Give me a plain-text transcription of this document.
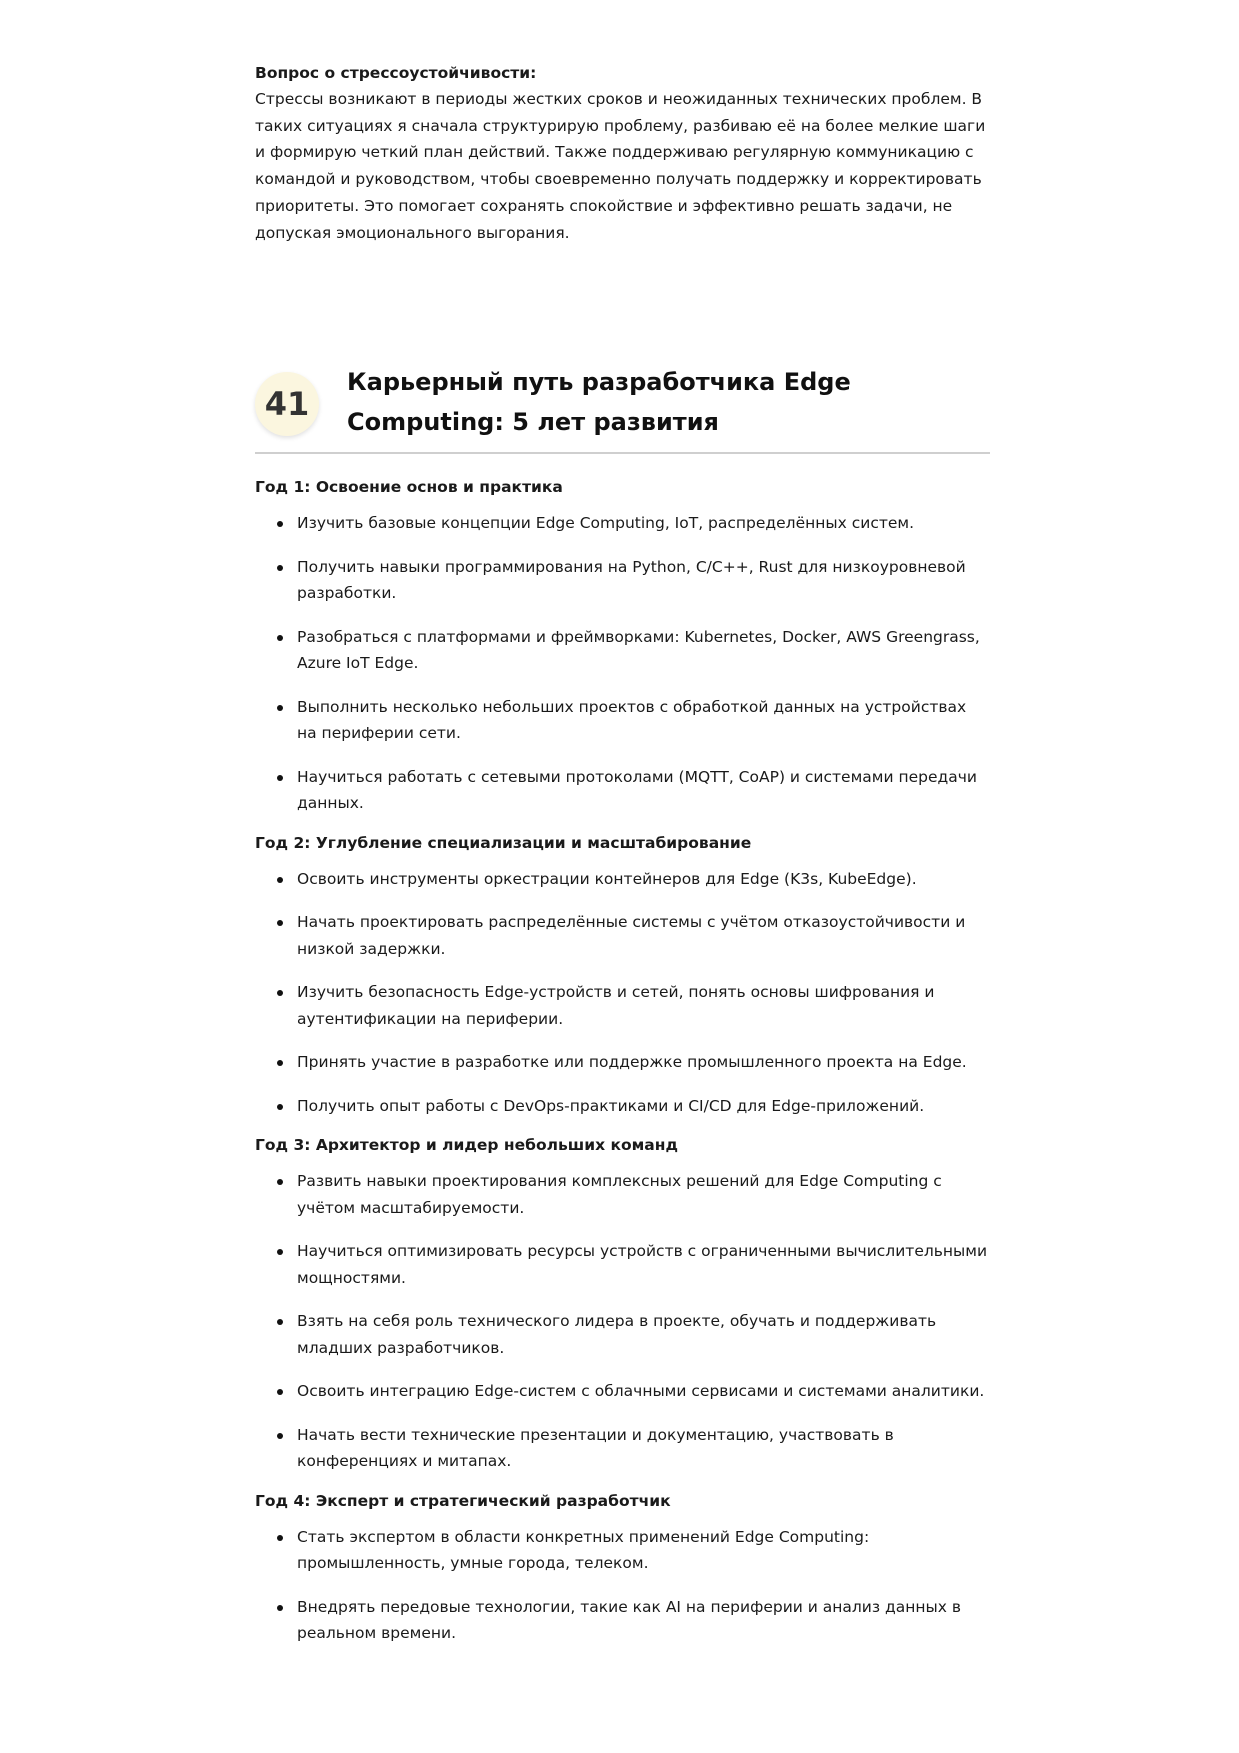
Вопрос о стрессоустойчивости:

Стрессы возникают в периоды жестких сроков и неожиданных технических проблем. В таких ситуациях я сначала структурирую проблему, разбиваю её на более мелкие шаги и формирую четкий план действий. Также поддерживаю регулярную коммуникацию с командой и руководством, чтобы своевременно получать поддержку и корректировать приоритеты. Это помогает сохранять спокойствие и эффективно решать задачи, не допуская эмоционального выгорания.

41
Карьерный путь разработчика Edge Computing: 5 лет развития
Год 1: Освоение основ и практика
Изучить базовые концепции Edge Computing, IoT, распределённых систем.
Получить навыки программирования на Python, C/C++, Rust для низкоуровневой разработки.
Разобраться с платформами и фреймворками: Kubernetes, Docker, AWS Greengrass, Azure IoT Edge.
Выполнить несколько небольших проектов с обработкой данных на устройствах на периферии сети.
Научиться работать с сетевыми протоколами (MQTT, CoAP) и системами передачи данных.
Год 2: Углубление специализации и масштабирование
Освоить инструменты оркестрации контейнеров для Edge (K3s, KubeEdge).
Начать проектировать распределённые системы с учётом отказоустойчивости и низкой задержки.
Изучить безопасность Edge-устройств и сетей, понять основы шифрования и аутентификации на периферии.
Принять участие в разработке или поддержке промышленного проекта на Edge.
Получить опыт работы с DevOps-практиками и CI/CD для Edge-приложений.
Год 3: Архитектор и лидер небольших команд
Развить навыки проектирования комплексных решений для Edge Computing с учётом масштабируемости.
Научиться оптимизировать ресурсы устройств с ограниченными вычислительными мощностями.
Взять на себя роль технического лидера в проекте, обучать и поддерживать младших разработчиков.
Освоить интеграцию Edge-систем с облачными сервисами и системами аналитики.
Начать вести технические презентации и документацию, участвовать в конференциях и митапах.
Год 4: Эксперт и стратегический разработчик
Стать экспертом в области конкретных применений Edge Computing: промышленность, умные города, телеком.
Внедрять передовые технологии, такие как AI на периферии и анализ данных в реальном времени.
